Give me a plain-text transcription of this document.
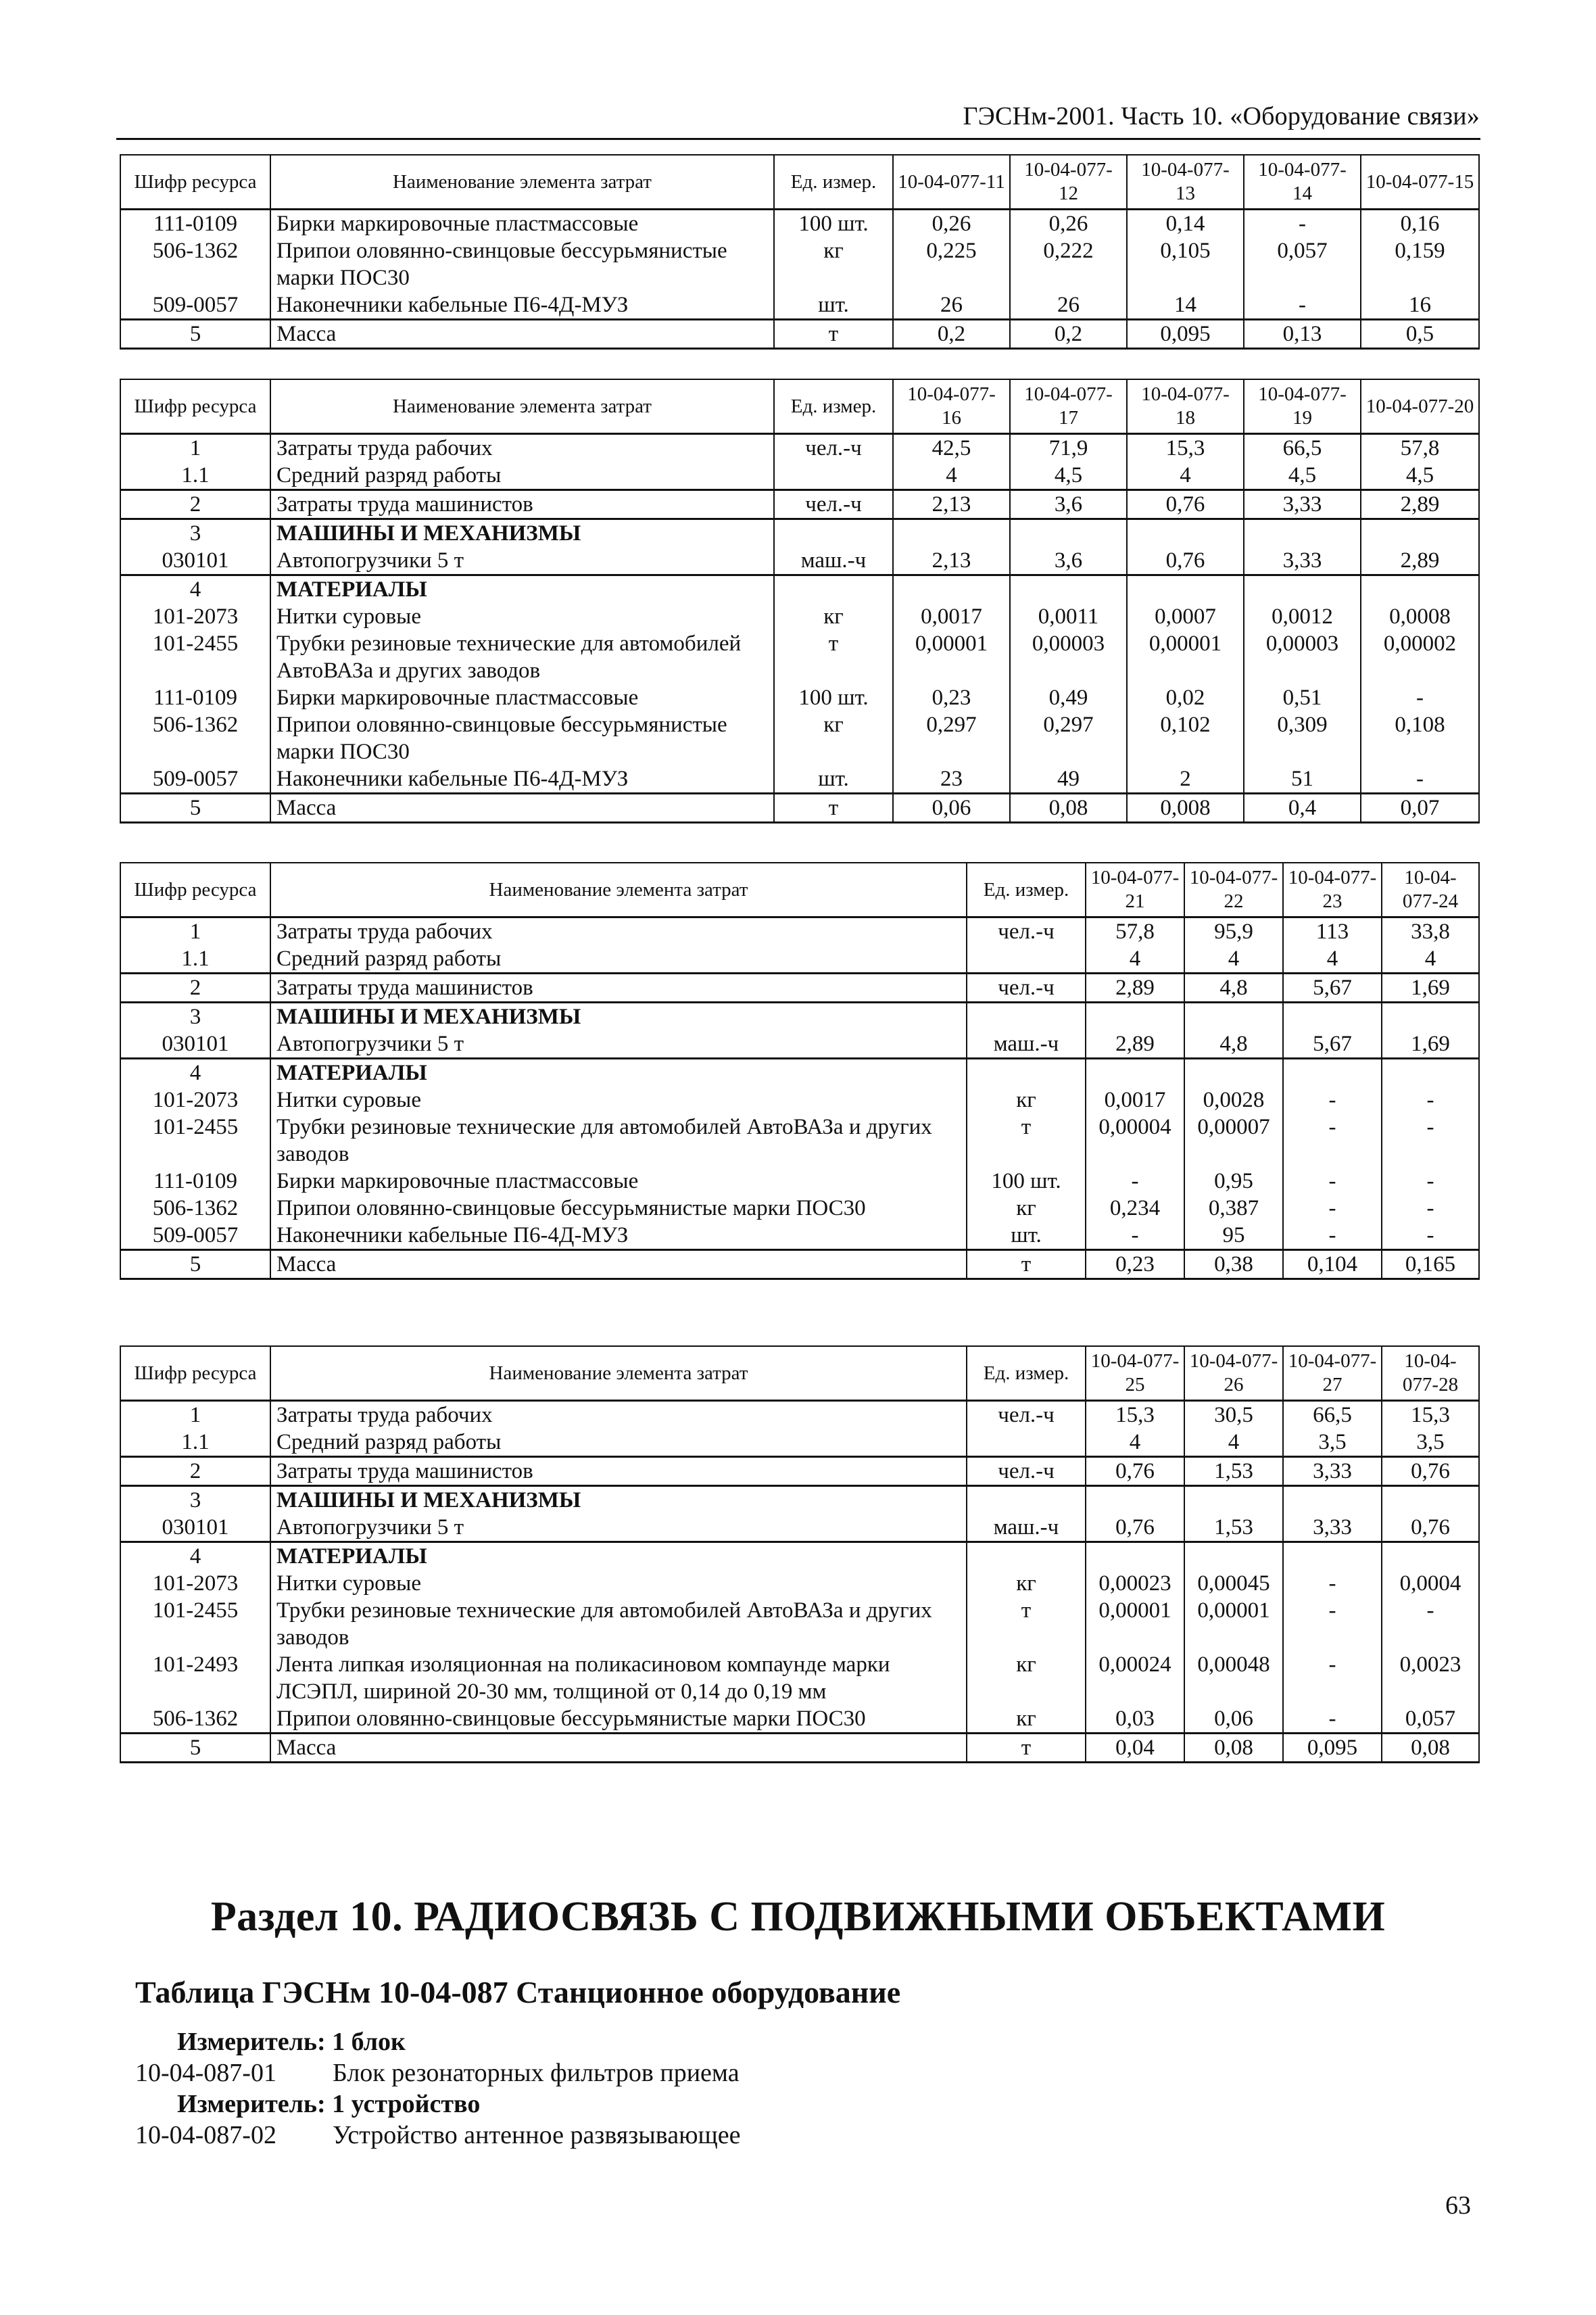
ГЭСНм-2001. Часть 10. «Оборудование связи»
Шифр ресурса	Наименование элемента затрат	Ед. измер.	10-04-077-11	10-04-077-12	10-04-077-13	10-04-077-14	10-04-077-15
111-0109	Бирки маркировочные пластмассовые	100 шт.	0,26	0,26	0,14	-	0,16
506-1362	Припои оловянно-свинцовые бессурьмянистые марки ПОС30	кг	0,225	0,222	0,105	0,057	0,159
509-0057	Наконечники кабельные П6-4Д-МУЗ	шт.	26	26	14	-	16
5	Масса	т	0,2	0,2	0,095	0,13	0,5
Шифр ресурса	Наименование элемента затрат	Ед. измер.	10-04-077-16	10-04-077-17	10-04-077-18	10-04-077-19	10-04-077-20
1	Затраты труда рабочих	чел.-ч	42,5	71,9	15,3	66,5	57,8
1.1	Средний разряд работы		4	4,5	4	4,5	4,5
2	Затраты труда машинистов	чел.-ч	2,13	3,6	0,76	3,33	2,89
3	МАШИНЫ И МЕХАНИЗМЫ						
030101	Автопогрузчики 5 т	маш.-ч	2,13	3,6	0,76	3,33	2,89
4	МАТЕРИАЛЫ						
101-2073	Нитки суровые	кг	0,0017	0,0011	0,0007	0,0012	0,0008
101-2455	Трубки резиновые технические для автомобилей АвтоВАЗа и других заводов	т	0,00001	0,00003	0,00001	0,00003	0,00002
111-0109	Бирки маркировочные пластмассовые	100 шт.	0,23	0,49	0,02	0,51	-
506-1362	Припои оловянно-свинцовые бессурьмянистые марки ПОС30	кг	0,297	0,297	0,102	0,309	0,108
509-0057	Наконечники кабельные П6-4Д-МУЗ	шт.	23	49	2	51	-
5	Масса	т	0,06	0,08	0,008	0,4	0,07
Шифр ресурса	Наименование элемента затрат	Ед. измер.	10-04-077-21	10-04-077-22	10-04-077-23	10-04-077-24
1	Затраты труда рабочих	чел.-ч	57,8	95,9	113	33,8
1.1	Средний разряд работы		4	4	4	4
2	Затраты труда машинистов	чел.-ч	2,89	4,8	5,67	1,69
3	МАШИНЫ И МЕХАНИЗМЫ					
030101	Автопогрузчики 5 т	маш.-ч	2,89	4,8	5,67	1,69
4	МАТЕРИАЛЫ					
101-2073	Нитки суровые	кг	0,0017	0,0028	-	-
101-2455	Трубки резиновые технические для автомобилей АвтоВАЗа и других заводов	т	0,00004	0,00007	-	-
111-0109	Бирки маркировочные пластмассовые	100 шт.	-	0,95	-	-
506-1362	Припои оловянно-свинцовые бессурьмянистые марки ПОС30	кг	0,234	0,387	-	-
509-0057	Наконечники кабельные П6-4Д-МУЗ	шт.	-	95	-	-
5	Масса	т	0,23	0,38	0,104	0,165
Шифр ресурса	Наименование элемента затрат	Ед. измер.	10-04-077-25	10-04-077-26	10-04-077-27	10-04-077-28
1	Затраты труда рабочих	чел.-ч	15,3	30,5	66,5	15,3
1.1	Средний разряд работы		4	4	3,5	3,5
2	Затраты труда машинистов	чел.-ч	0,76	1,53	3,33	0,76
3	МАШИНЫ И МЕХАНИЗМЫ					
030101	Автопогрузчики 5 т	маш.-ч	0,76	1,53	3,33	0,76
4	МАТЕРИАЛЫ					
101-2073	Нитки суровые	кг	0,00023	0,00045	-	0,0004
101-2455	Трубки резиновые технические для автомобилей АвтоВАЗа и других заводов	т	0,00001	0,00001	-	-
101-2493	Лента липкая изоляционная на поликасиновом компаунде марки ЛСЭПЛ, шириной 20-30 мм, толщиной от 0,14 до 0,19 мм	кг	0,00024	0,00048	-	0,0023
506-1362	Припои оловянно-свинцовые бессурьмянистые марки ПОС30	кг	0,03	0,06	-	0,057
5	Масса	т	0,04	0,08	0,095	0,08
Раздел 10. РАДИОСВЯЗЬ С ПОДВИЖНЫМИ ОБЪЕКТАМИ
Таблица ГЭСНм 10-04-087 Станционное оборудование
Измеритель: 1 блок
10-04-087-01 Блок резонаторных фильтров приема
Измеритель: 1 устройство
10-04-087-02 Устройство антенное развязывающее
63
